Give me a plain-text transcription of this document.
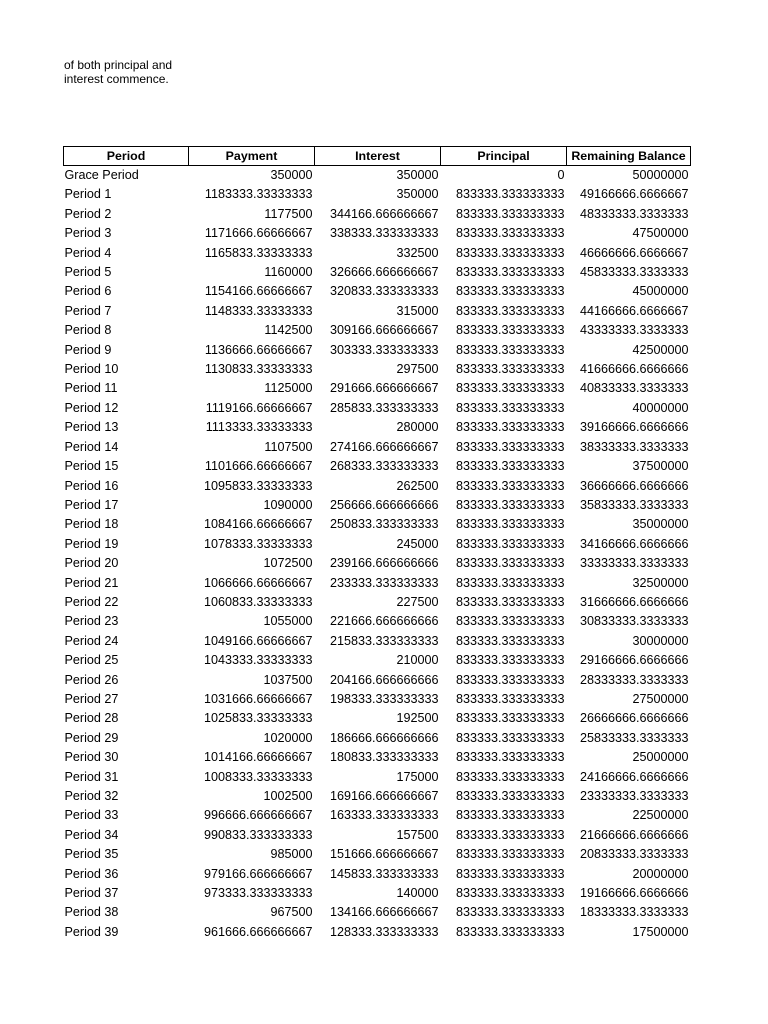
of both principal and
interest commence.
Period	Payment	Interest	Principal	Remaining Balance
Grace Period	350000	350000	0	50000000
Period 1	1183333.33333333	350000	833333.333333333	49166666.6666667
Period 2	1177500	344166.666666667	833333.333333333	48333333.3333333
Period 3	1171666.66666667	338333.333333333	833333.333333333	47500000
Period 4	1165833.33333333	332500	833333.333333333	46666666.6666667
Period 5	1160000	326666.666666667	833333.333333333	45833333.3333333
Period 6	1154166.66666667	320833.333333333	833333.333333333	45000000
Period 7	1148333.33333333	315000	833333.333333333	44166666.6666667
Period 8	1142500	309166.666666667	833333.333333333	43333333.3333333
Period 9	1136666.66666667	303333.333333333	833333.333333333	42500000
Period 10	1130833.33333333	297500	833333.333333333	41666666.6666666
Period 11	1125000	291666.666666667	833333.333333333	40833333.3333333
Period 12	1119166.66666667	285833.333333333	833333.333333333	40000000
Period 13	1113333.33333333	280000	833333.333333333	39166666.6666666
Period 14	1107500	274166.666666667	833333.333333333	38333333.3333333
Period 15	1101666.66666667	268333.333333333	833333.333333333	37500000
Period 16	1095833.33333333	262500	833333.333333333	36666666.6666666
Period 17	1090000	256666.666666666	833333.333333333	35833333.3333333
Period 18	1084166.66666667	250833.333333333	833333.333333333	35000000
Period 19	1078333.33333333	245000	833333.333333333	34166666.6666666
Period 20	1072500	239166.666666666	833333.333333333	33333333.3333333
Period 21	1066666.66666667	233333.333333333	833333.333333333	32500000
Period 22	1060833.33333333	227500	833333.333333333	31666666.6666666
Period 23	1055000	221666.666666666	833333.333333333	30833333.3333333
Period 24	1049166.66666667	215833.333333333	833333.333333333	30000000
Period 25	1043333.33333333	210000	833333.333333333	29166666.6666666
Period 26	1037500	204166.666666666	833333.333333333	28333333.3333333
Period 27	1031666.66666667	198333.333333333	833333.333333333	27500000
Period 28	1025833.33333333	192500	833333.333333333	26666666.6666666
Period 29	1020000	186666.666666666	833333.333333333	25833333.3333333
Period 30	1014166.66666667	180833.333333333	833333.333333333	25000000
Period 31	1008333.33333333	175000	833333.333333333	24166666.6666666
Period 32	1002500	169166.666666667	833333.333333333	23333333.3333333
Period 33	996666.666666667	163333.333333333	833333.333333333	22500000
Period 34	990833.333333333	157500	833333.333333333	21666666.6666666
Period 35	985000	151666.666666667	833333.333333333	20833333.3333333
Period 36	979166.666666667	145833.333333333	833333.333333333	20000000
Period 37	973333.333333333	140000	833333.333333333	19166666.6666666
Period 38	967500	134166.666666667	833333.333333333	18333333.3333333
Period 39	961666.666666667	128333.333333333	833333.333333333	17500000
